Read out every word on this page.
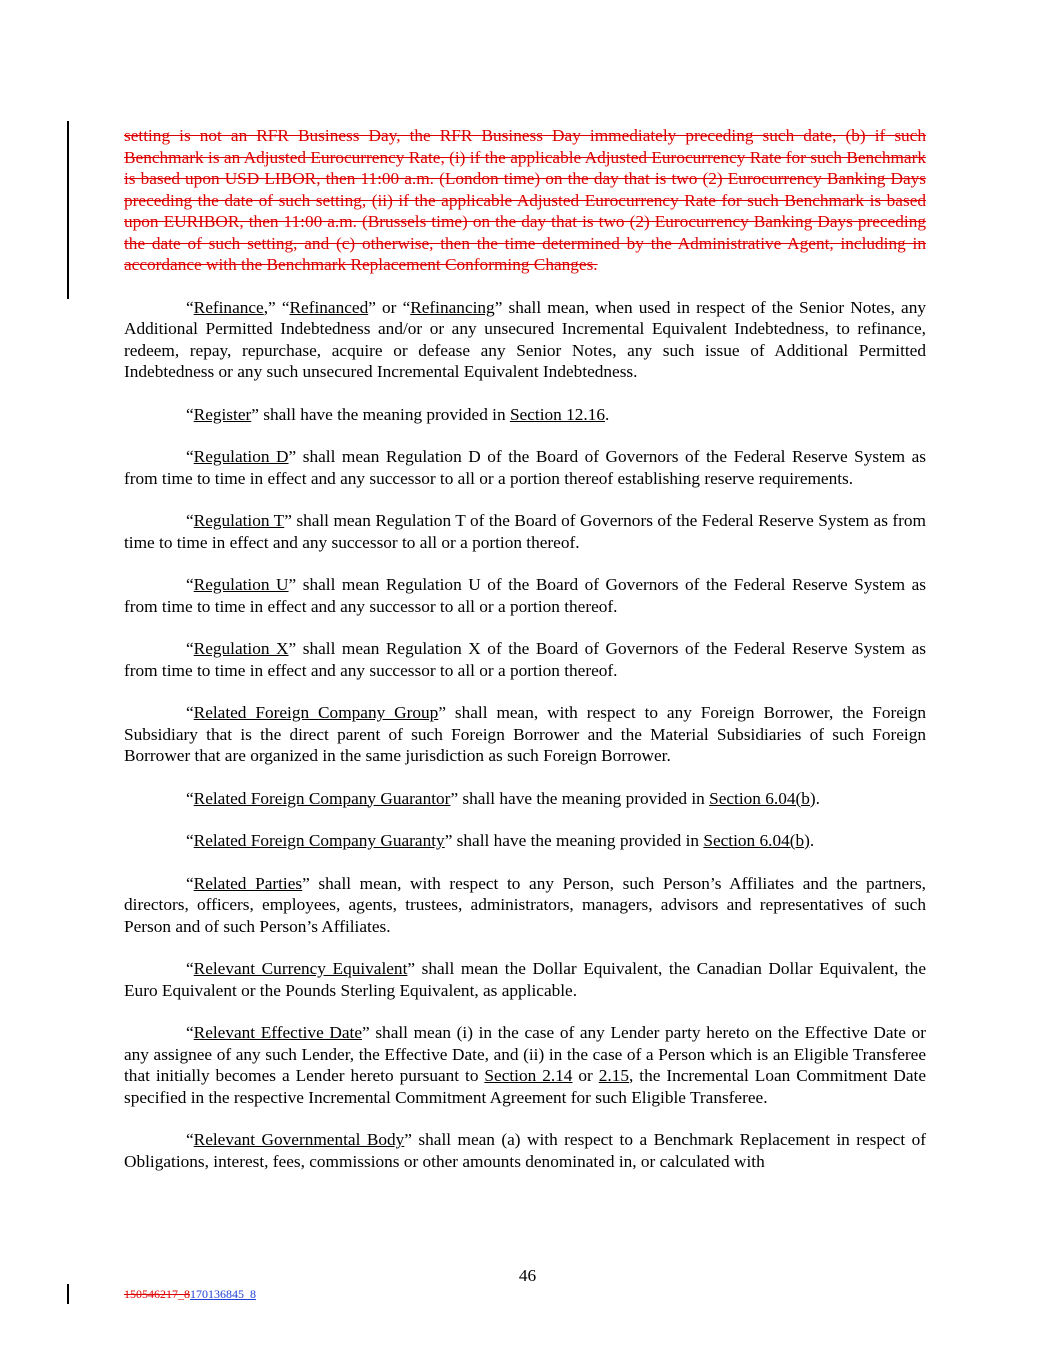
setting is not an RFR Business Day, the RFR Business Day immediately preceding such date, (b) if such Benchmark is an Adjusted Eurocurrency Rate, (i) if the applicable Adjusted Eurocurrency Rate for such Benchmark is based upon USD LIBOR, then 11:00 a.m. (London time) on the day that is two (2) Eurocurrency Banking Days preceding the date of such setting, (ii) if the applicable Adjusted Eurocurrency Rate for such Benchmark is based upon EURIBOR, then 11:00 a.m. (Brussels time) on the day that is two (2) Eurocurrency Banking Days preceding the date of such setting, and (c) otherwise, then the time determined by the Administrative Agent, including in accordance with the Benchmark Replacement Conforming Changes.

“Refinance,” “Refinanced” or “Refinancing” shall mean, when used in respect of the Senior Notes, any Additional Permitted Indebtedness and/or or any unsecured Incremental Equivalent Indebtedness, to refinance, redeem, repay, repurchase, acquire or defease any Senior Notes, any such issue of Additional Permitted Indebtedness or any such unsecured Incremental Equivalent Indebtedness.

“Register” shall have the meaning provided in Section 12.16.

“Regulation D” shall mean Regulation D of the Board of Governors of the Federal Reserve System as from time to time in effect and any successor to all or a portion thereof establishing reserve requirements.

“Regulation T” shall mean Regulation T of the Board of Governors of the Federal Reserve System as from time to time in effect and any successor to all or a portion thereof.

“Regulation U” shall mean Regulation U of the Board of Governors of the Federal Reserve System as from time to time in effect and any successor to all or a portion thereof.

“Regulation X” shall mean Regulation X of the Board of Governors of the Federal Reserve System as from time to time in effect and any successor to all or a portion thereof.

“Related Foreign Company Group” shall mean, with respect to any Foreign Borrower, the Foreign Subsidiary that is the direct parent of such Foreign Borrower and the Material Subsidiaries of such Foreign Borrower that are organized in the same jurisdiction as such Foreign Borrower.

“Related Foreign Company Guarantor” shall have the meaning provided in Section 6.04(b).

“Related Foreign Company Guaranty” shall have the meaning provided in Section 6.04(b).

“Related Parties” shall mean, with respect to any Person, such Person’s Affiliates and the partners, directors, officers, employees, agents, trustees, administrators, managers, advisors and representatives of such Person and of such Person’s Affiliates.

“Relevant Currency Equivalent” shall mean the Dollar Equivalent, the Canadian Dollar Equivalent, the Euro Equivalent or the Pounds Sterling Equivalent, as applicable.

“Relevant Effective Date” shall mean (i) in the case of any Lender party hereto on the Effective Date or any assignee of any such Lender, the Effective Date, and (ii) in the case of a Person which is an Eligible Transferee that initially becomes a Lender hereto pursuant to Section 2.14 or 2.15, the Incremental Loan Commitment Date specified in the respective Incremental Commitment Agreement for such Eligible Transferee.

“Relevant Governmental Body” shall mean (a) with respect to a Benchmark Replacement in respect of Obligations, interest, fees, commissions or other amounts denominated in, or calculated with

46
150546217_8170136845_8
